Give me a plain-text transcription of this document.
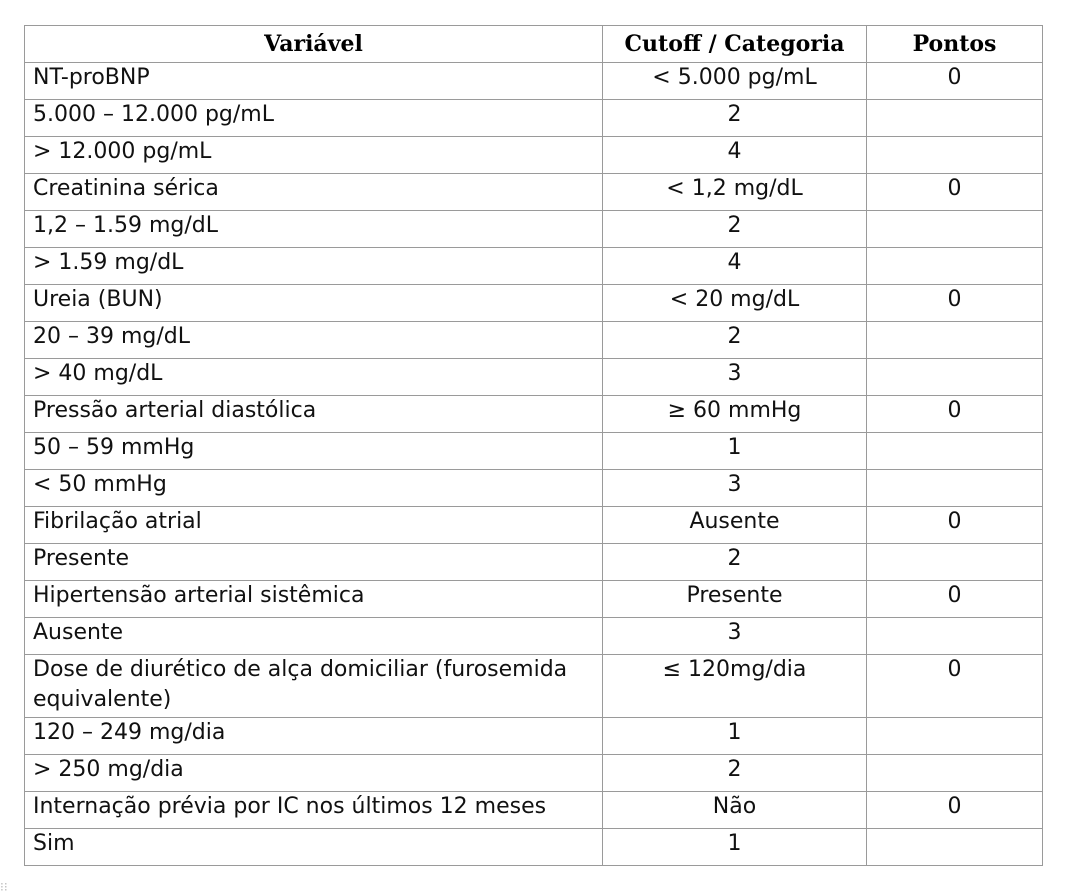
Variável	Cutoff / Categoria	Pontos
NT-proBNP	< 5.000 pg/mL	0
5.000 – 12.000 pg/mL	2	
> 12.000 pg/mL	4	
Creatinina sérica	< 1,2 mg/dL	0
1,2 – 1.59 mg/dL	2	
> 1.59 mg/dL	4	
Ureia (BUN)	< 20 mg/dL	0
20 – 39 mg/dL	2	
> 40 mg/dL	3	
Pressão arterial diastólica	≥ 60 mmHg	0
50 – 59 mmHg	1	
< 50 mmHg	3	
Fibrilação atrial	Ausente	0
Presente	2	
Hipertensão arterial sistêmica	Presente	0
Ausente	3	
Dose de diurético de alça domiciliar (furosemida equivalente)	≤ 120mg/dia	0
120 – 249 mg/dia	1	
> 250 mg/dia	2	
Internação prévia por IC nos últimos 12 meses	Não	0
Sim	1	
⁝⁝
